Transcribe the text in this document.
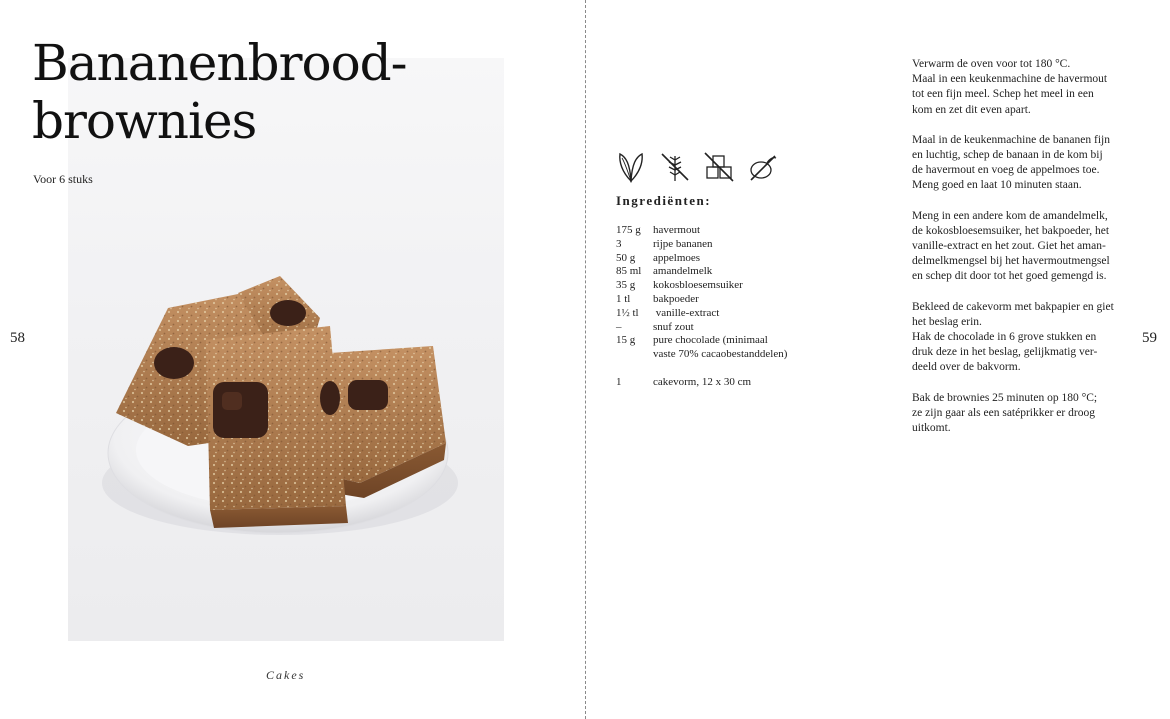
Bananenbrood-
brownies
Voor 6 stuks
58
Cakes
Ingrediënten:
175 g	havermout
3	rijpe bananen
50 g	appelmoes
85 ml	amandelmelk
35 g	kokosbloesemsuiker
1 tl	bakpoeder
1½ tl	vanille-extract
–	snuf zout
15 g	pure chocolade (minimaal
vaste 70% cacaobestanddelen)
1	cakevorm, 12 x 30 cm

Verwarm de oven voor tot 180 °C.
Maal in een keukenmachine de havermout
tot een fijn meel. Schep het meel in een
kom en zet dit even apart.

Maal in de keukenmachine de bananen fijn
en luchtig, schep de banaan in de kom bij
de havermout en voeg de appelmoes toe.
Meng goed en laat 10 minuten staan.

Meng in een andere kom de amandelmelk,
de kokosbloesemsuiker, het bakpoeder, het
vanille-extract en het zout. Giet het aman-
delmelkmengsel bij het havermoutmengsel
en schep dit door tot het goed gemengd is.

Bekleed de cakevorm met bakpapier en giet
het beslag erin.
Hak de chocolade in 6 grove stukken en
druk deze in het beslag, gelijkmatig ver-
deeld over de bakvorm.

Bak de brownies 25 minuten op 180 °C;
ze zijn gaar als een satéprikker er droog
uitkomt.

59
